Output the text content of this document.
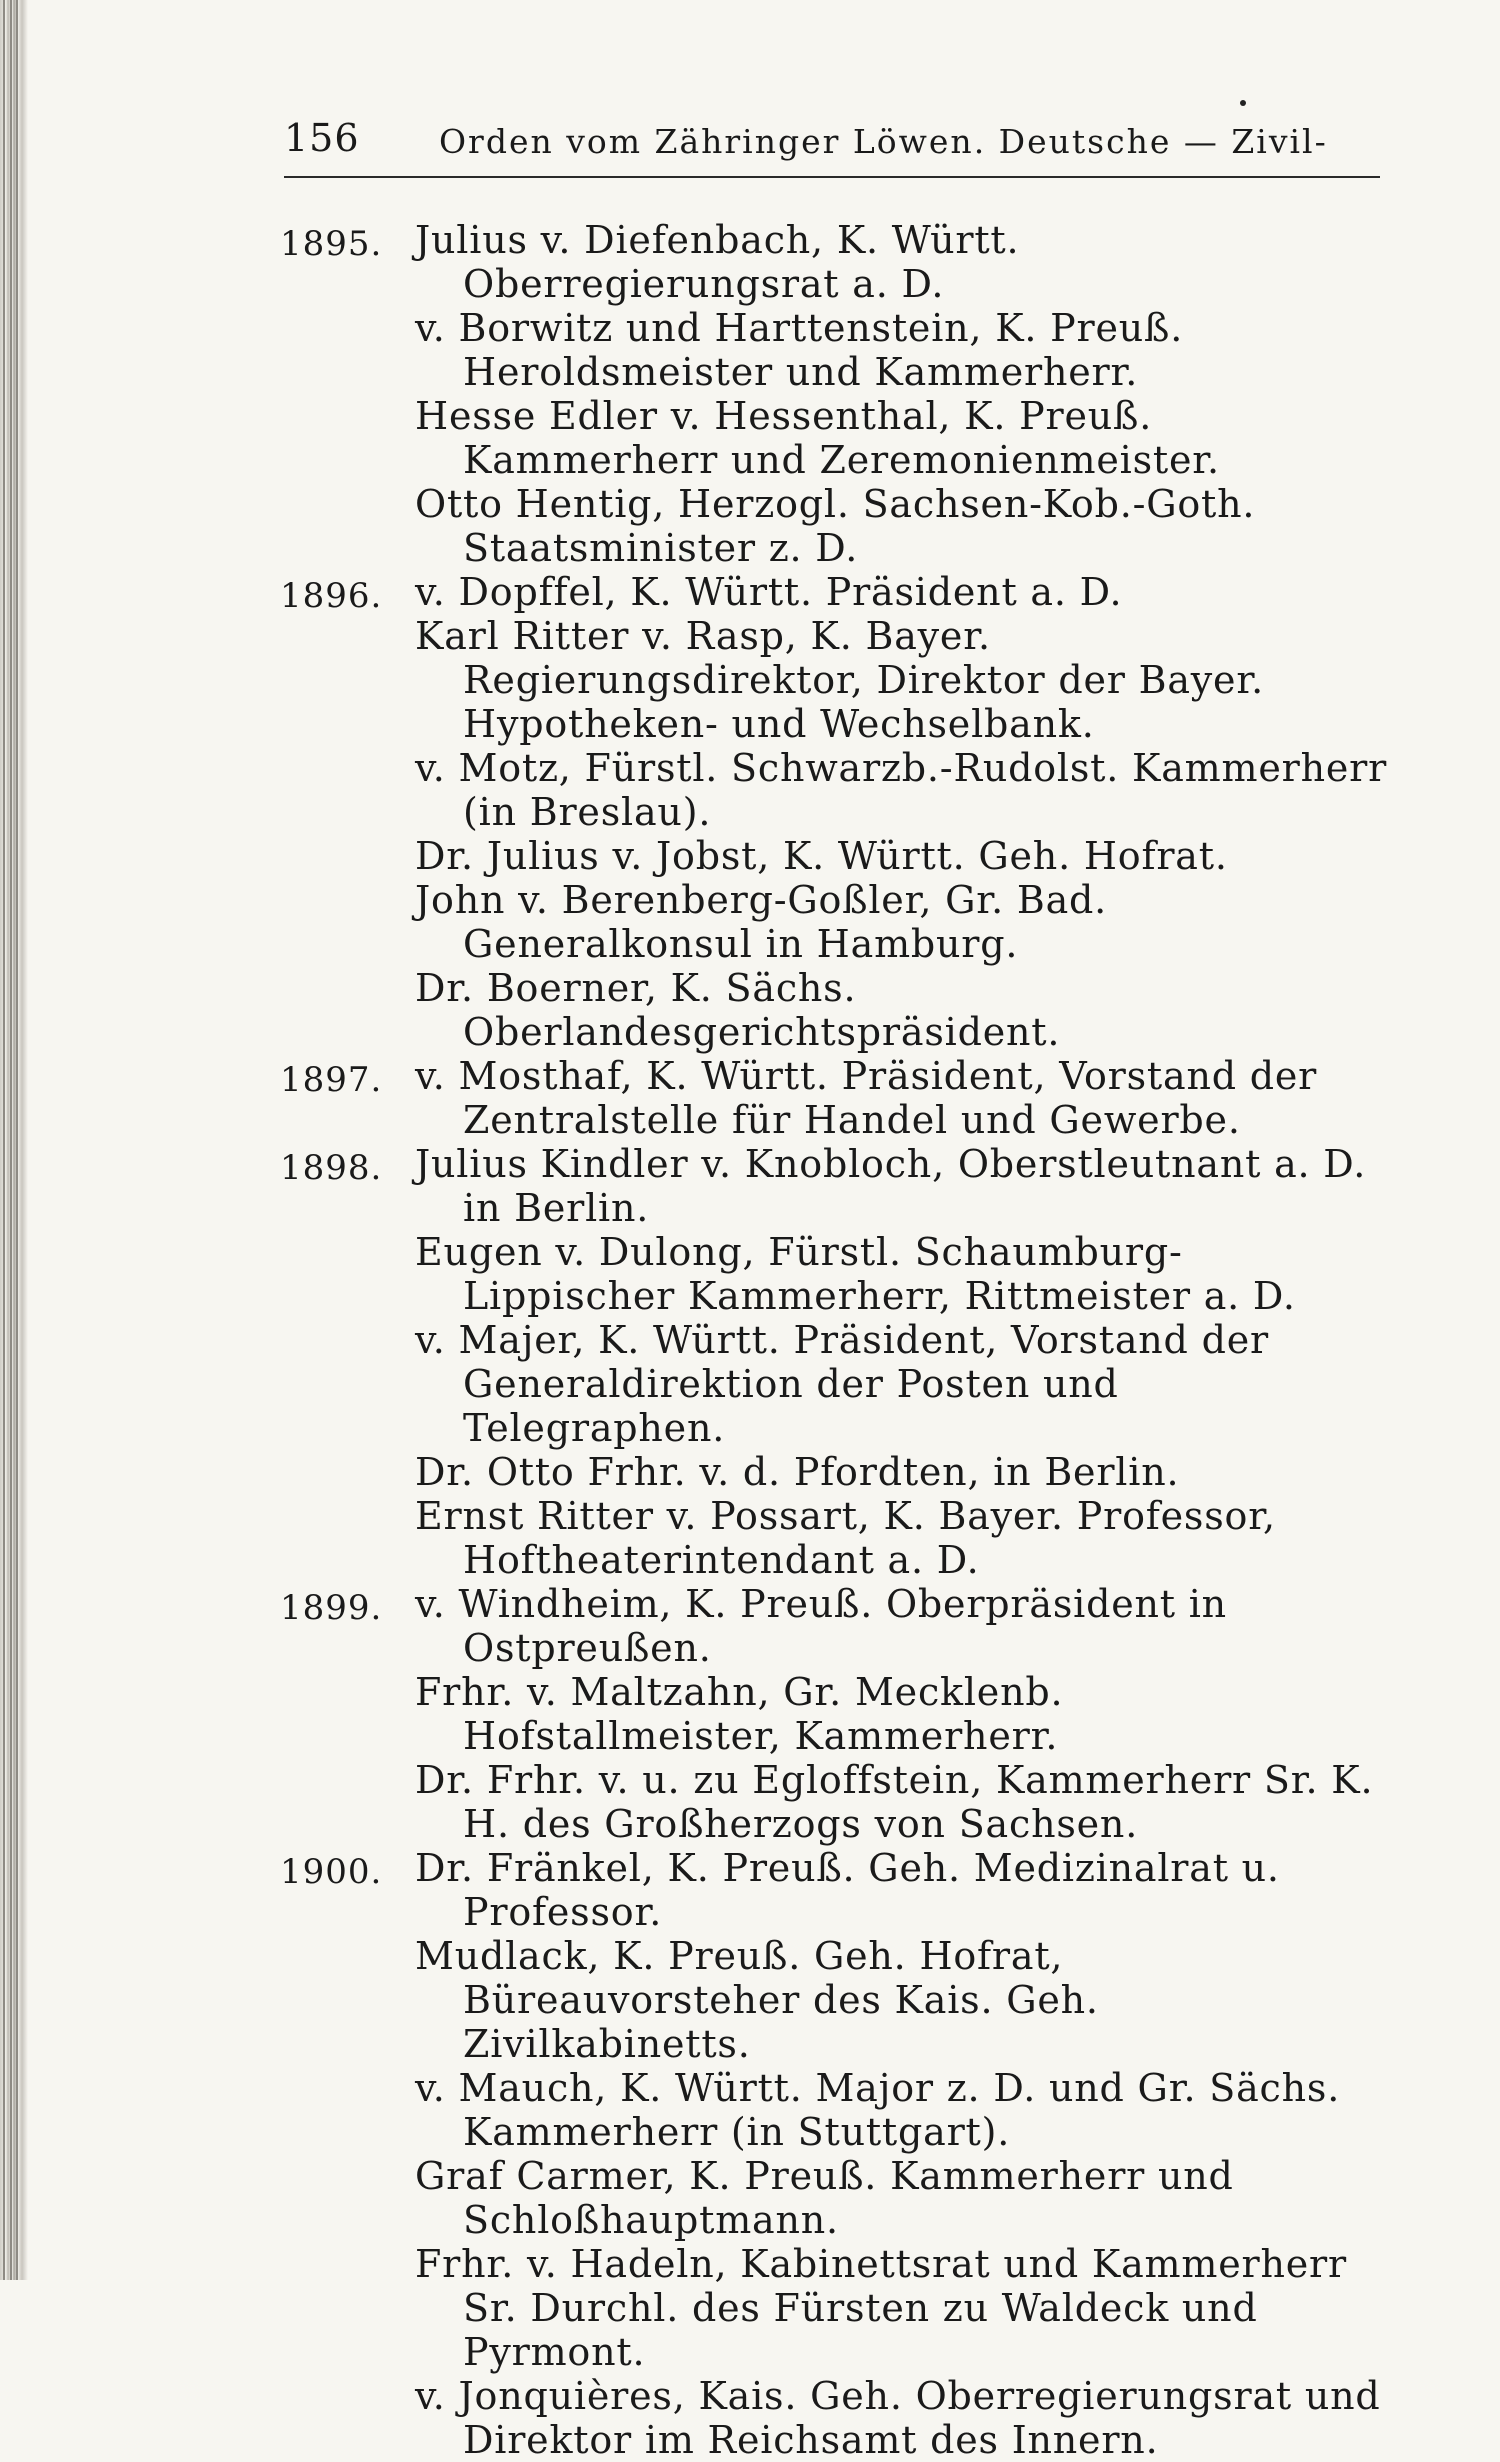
156 Orden vom Zähringer Löwen. Deutsche — Zivil-
1895. Julius v. Diefenbach, K. Württ. Oberregierungsrat a. D.
v. Borwitz und Harttenstein, K. Preuß. Heroldsmeister und Kammerherr.
Hesse Edler v. Hessenthal, K. Preuß. Kammerherr und Zeremonienmeister.
Otto Hentig, Herzogl. Sachsen-Kob.-Goth. Staatsminister z. D.
1896. v. Dopffel, K. Württ. Präsident a. D.
Karl Ritter v. Rasp, K. Bayer. Regierungsdirektor, Direktor der Bayer. Hypotheken- und Wechselbank.
v. Motz, Fürstl. Schwarzb.-Rudolst. Kammerherr (in Breslau).
Dr. Julius v. Jobst, K. Württ. Geh. Hofrat.
John v. Berenberg-Goßler, Gr. Bad. Generalkonsul in Hamburg.
Dr. Boerner, K. Sächs. Oberlandesgerichtspräsident.
1897. v. Mosthaf, K. Württ. Präsident, Vorstand der Zentralstelle für Handel und Gewerbe.
1898. Julius Kindler v. Knobloch, Oberstleutnant a. D. in Berlin.
Eugen v. Dulong, Fürstl. Schaumburg-Lippischer Kammerherr, Rittmeister a. D.
v. Majer, K. Württ. Präsident, Vorstand der Generaldirektion der Posten und Telegraphen.
Dr. Otto Frhr. v. d. Pfordten, in Berlin.
Ernst Ritter v. Possart, K. Bayer. Professor, Hoftheaterintendant a. D.
1899. v. Windheim, K. Preuß. Oberpräsident in Ostpreußen.
Frhr. v. Maltzahn, Gr. Mecklenb. Hofstallmeister, Kammerherr.
Dr. Frhr. v. u. zu Egloffstein, Kammerherr Sr. K. H. des Großherzogs von Sachsen.
1900. Dr. Fränkel, K. Preuß. Geh. Medizinalrat u. Professor.
Mudlack, K. Preuß. Geh. Hofrat, Büreauvorsteher des Kais. Geh. Zivilkabinetts.
v. Mauch, K. Württ. Major z. D. und Gr. Sächs. Kammerherr (in Stuttgart).
Graf Carmer, K. Preuß. Kammerherr und Schloßhauptmann.
Frhr. v. Hadeln, Kabinettsrat und Kammerherr Sr. Durchl. des Fürsten zu Waldeck und Pyrmont.
v. Jonquières, Kais. Geh. Oberregierungsrat und Direktor im Reichsamt des Innern.
